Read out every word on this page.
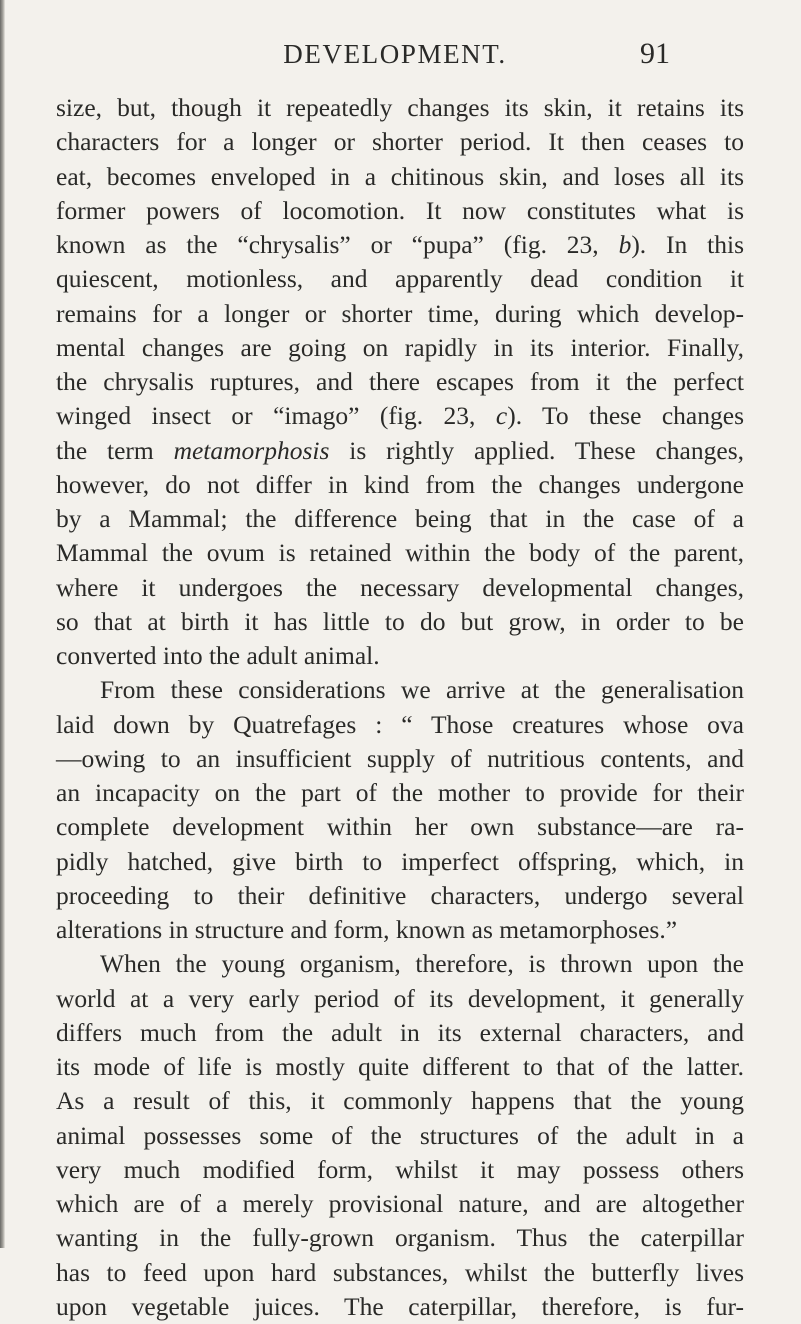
DEVELOPMENT.	91
size, but, though it repeatedly changes its skin, it retains its
characters for a longer or shorter period. It then ceases to
eat, becomes enveloped in a chitinous skin, and loses all its
former powers of locomotion. It now constitutes what is
known as the “chrysalis” or “pupa” (fig. 23, b). In this
quiescent, motionless, and apparently dead condition it
remains for a longer or shorter time, during which develop-
mental changes are going on rapidly in its interior. Finally,
the chrysalis ruptures, and there escapes from it the perfect
winged insect or “imago” (fig. 23, c). To these changes
the term metamorphosis is rightly applied. These changes,
however, do not differ in kind from the changes undergone
by a Mammal; the difference being that in the case of a
Mammal the ovum is retained within the body of the parent,
where it undergoes the necessary developmental changes,
so that at birth it has little to do but grow, in order to be
converted into the adult animal.
From these considerations we arrive at the generalisation
laid down by Quatrefages : “ Those creatures whose ova
—owing to an insufficient supply of nutritious contents, and
an incapacity on the part of the mother to provide for their
complete development within her own substance—are ra-
pidly hatched, give birth to imperfect offspring, which, in
proceeding to their definitive characters, undergo several
alterations in structure and form, known as metamorphoses.”
When the young organism, therefore, is thrown upon the
world at a very early period of its development, it generally
differs much from the adult in its external characters, and
its mode of life is mostly quite different to that of the latter.
As a result of this, it commonly happens that the young
animal possesses some of the structures of the adult in a
very much modified form, whilst it may possess others
which are of a merely provisional nature, and are altogether
wanting in the fully-grown organism. Thus the caterpillar
has to feed upon hard substances, whilst the butterfly lives
upon vegetable juices. The caterpillar, therefore, is fur-
